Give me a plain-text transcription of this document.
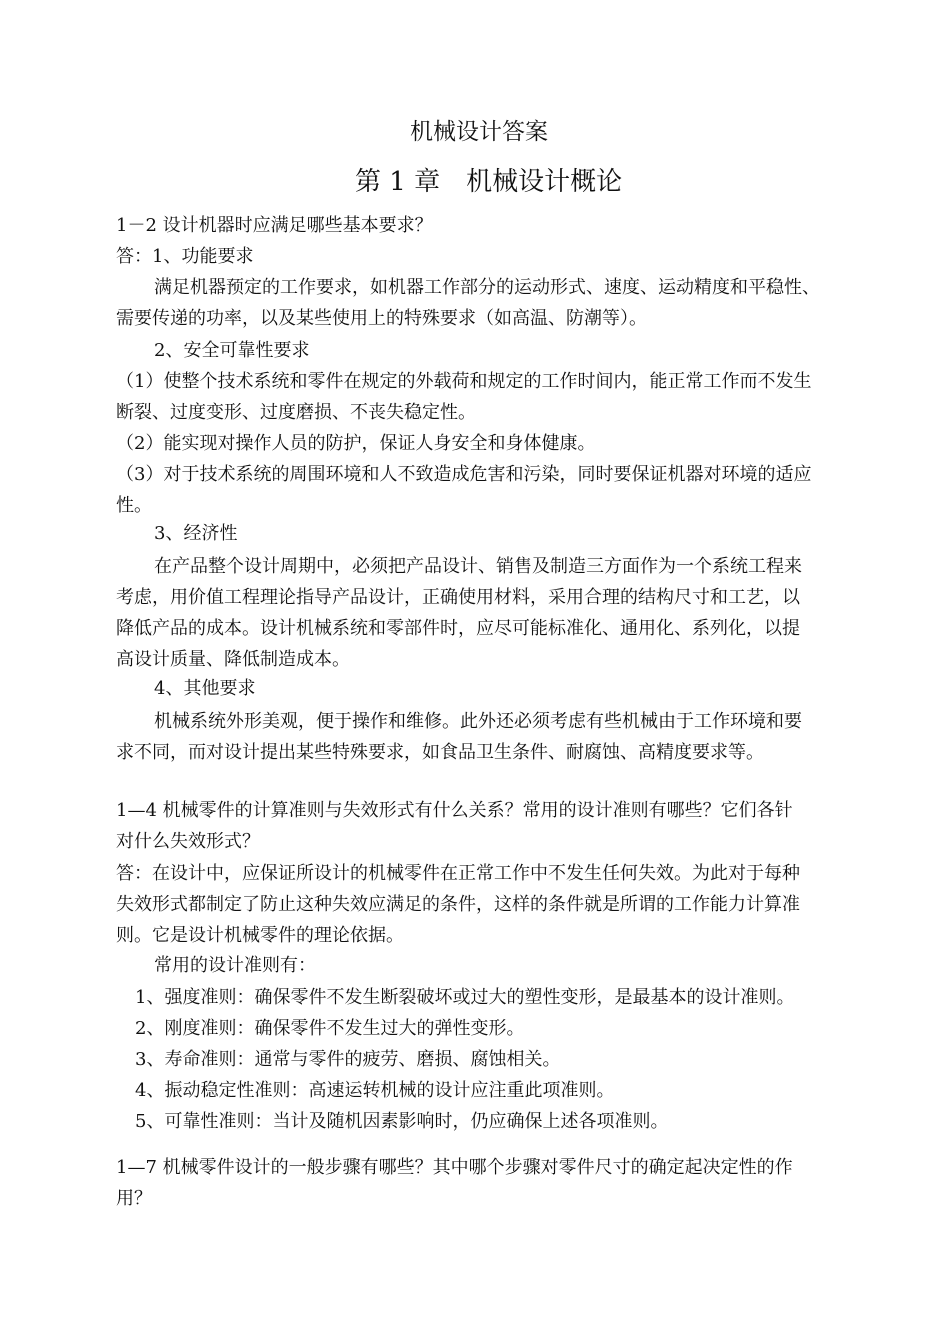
机械设计答案
第 1 章　机械设计概论
1－2 设计机器时应满足哪些基本要求？
答：1、功能要求
满足机器预定的工作要求，如机器工作部分的运动形式、速度、运动精度和平稳性、
需要传递的功率，以及某些使用上的特殊要求（如高温、防潮等）。
2、安全可靠性要求
（1）使整个技术系统和零件在规定的外载荷和规定的工作时间内，能正常工作而不发生
断裂、过度变形、过度磨损、不丧失稳定性。
（2）能实现对操作人员的防护，保证人身安全和身体健康。
（3）对于技术系统的周围环境和人不致造成危害和污染，同时要保证机器对环境的适应
性。
3、经济性
在产品整个设计周期中，必须把产品设计、销售及制造三方面作为一个系统工程来
考虑，用价值工程理论指导产品设计，正确使用材料，采用合理的结构尺寸和工艺，以
降低产品的成本。设计机械系统和零部件时，应尽可能标准化、通用化、系列化，以提
高设计质量、降低制造成本。
4、其他要求
机械系统外形美观，便于操作和维修。此外还必须考虑有些机械由于工作环境和要
求不同，而对设计提出某些特殊要求，如食品卫生条件、耐腐蚀、高精度要求等。
1—4 机械零件的计算准则与失效形式有什么关系？常用的设计准则有哪些？它们各针
对什么失效形式？
答：在设计中，应保证所设计的机械零件在正常工作中不发生任何失效。为此对于每种
失效形式都制定了防止这种失效应满足的条件，这样的条件就是所谓的工作能力计算准
则。它是设计机械零件的理论依据。
常用的设计准则有：
1、强度准则：确保零件不发生断裂破坏或过大的塑性变形，是最基本的设计准则。
2、刚度准则：确保零件不发生过大的弹性变形。
3、寿命准则：通常与零件的疲劳、磨损、腐蚀相关。
4、振动稳定性准则：高速运转机械的设计应注重此项准则。
5、可靠性准则：当计及随机因素影响时，仍应确保上述各项准则。
1—7 机械零件设计的一般步骤有哪些？其中哪个步骤对零件尺寸的确定起决定性的作
用？
